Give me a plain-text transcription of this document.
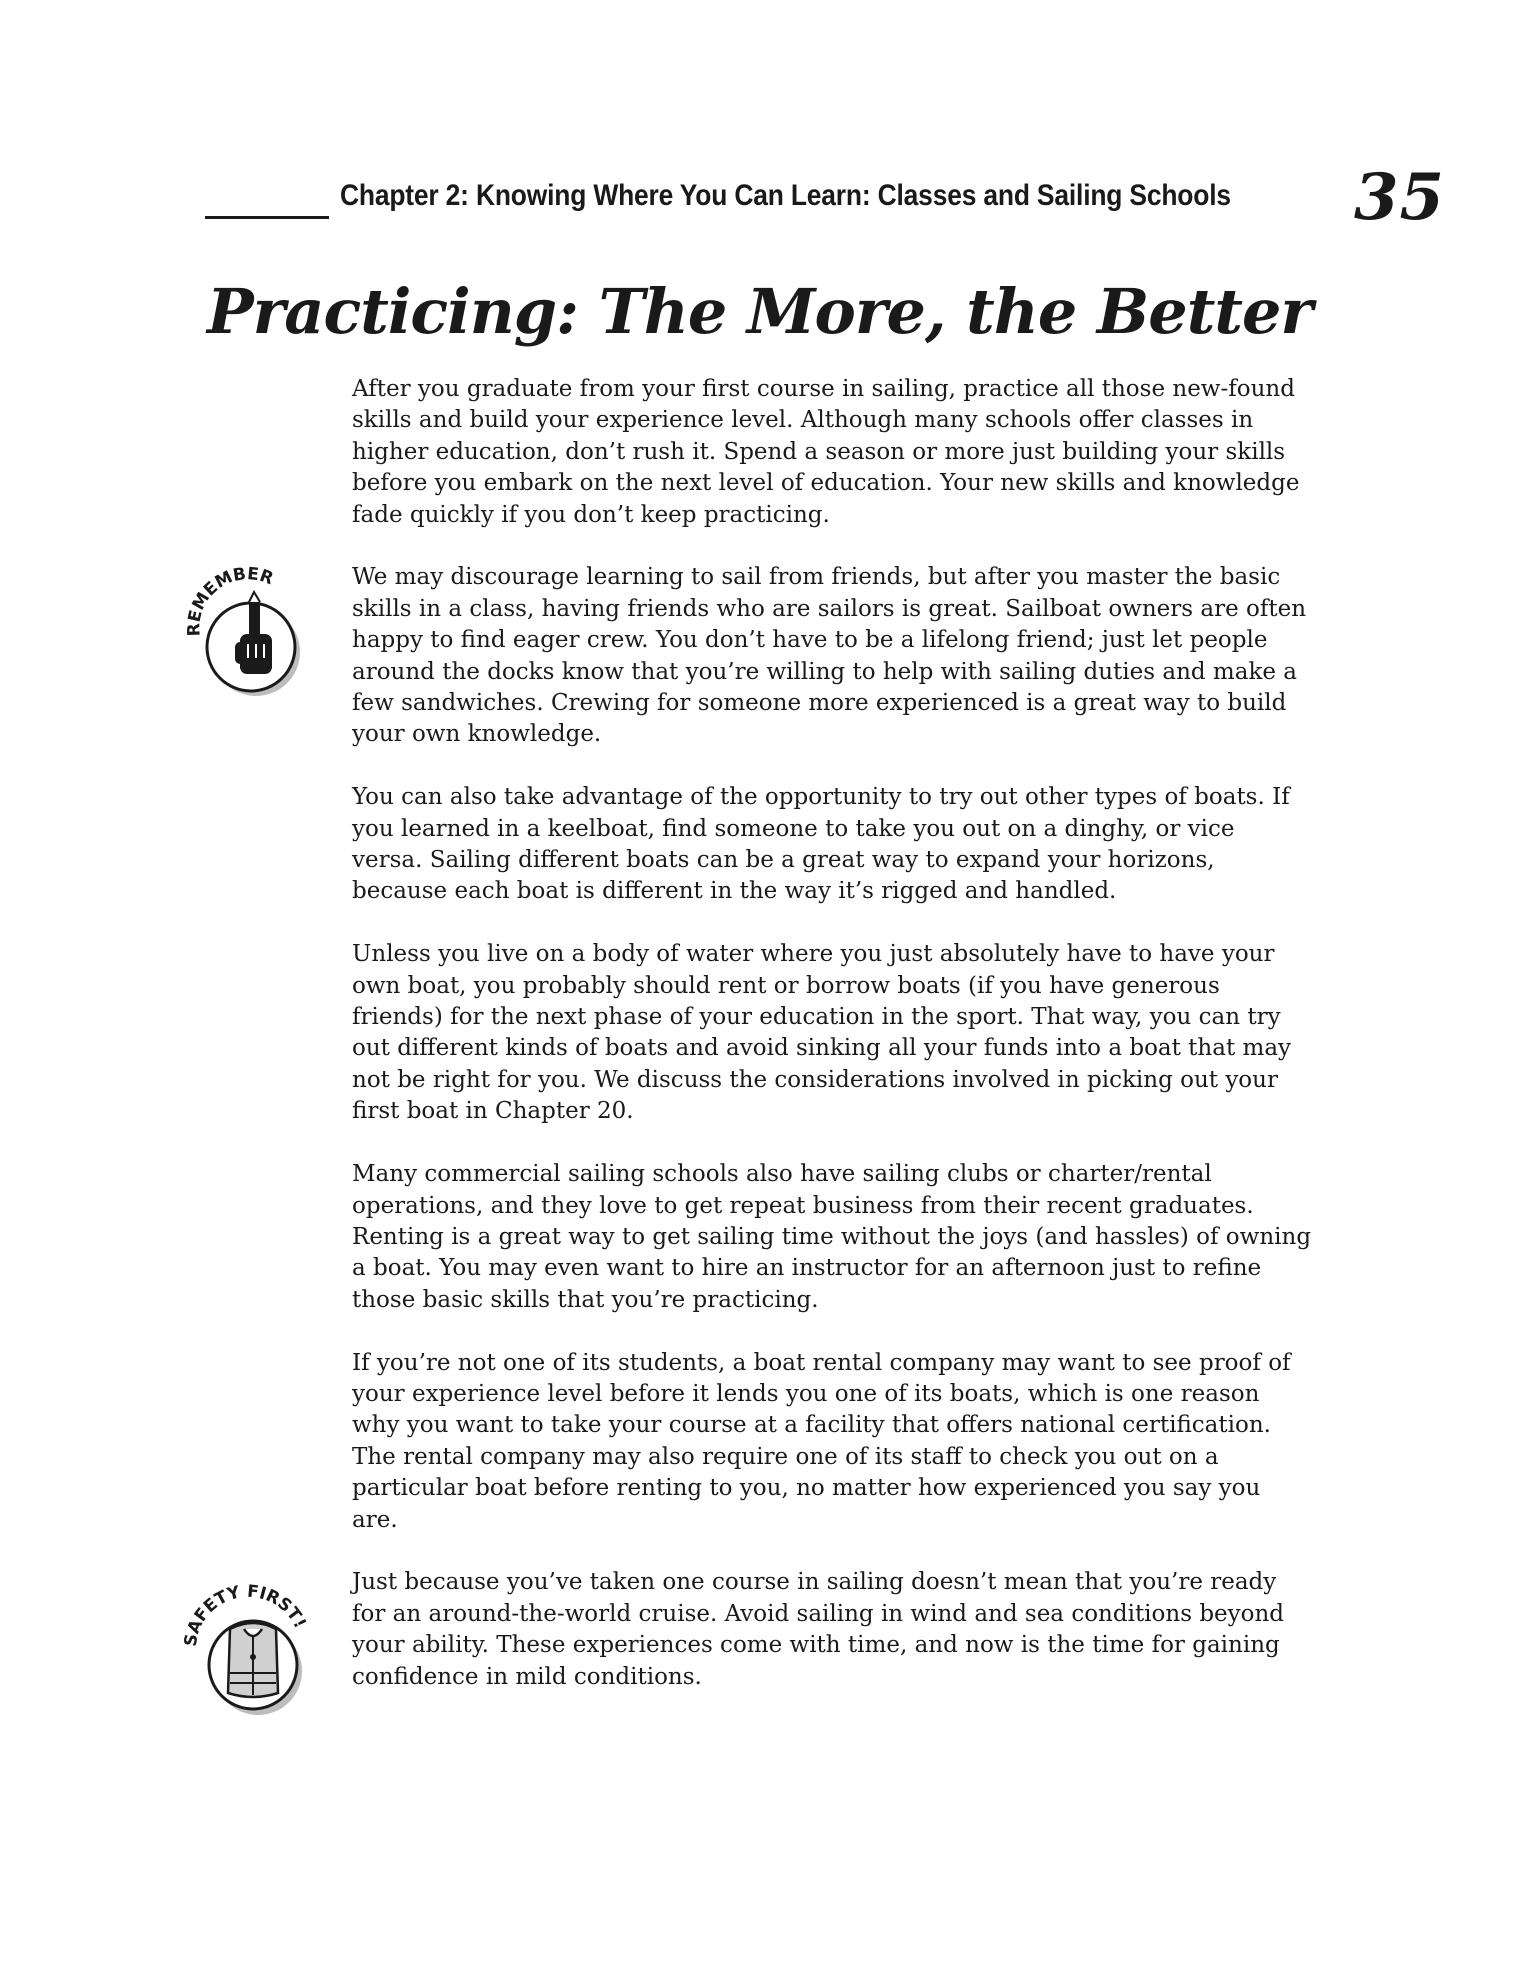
Chapter 2: Knowing Where You Can Learn: Classes and Sailing Schools 35
Practicing: The More, the Better
REMEMBER
SAFETY FIRST!

After you graduate from your first course in sailing, practice all those new-found skills and build your experience level. Although many schools offer classes in higher education, don’t rush it. Spend a season or more just building your skills before you embark on the next level of education. Your new skills and knowledge fade quickly if you don’t keep practicing.

We may discourage learning to sail from friends, but after you master the basic skills in a class, having friends who are sailors is great. Sailboat owners are often happy to find eager crew. You don’t have to be a lifelong friend; just let people around the docks know that you’re willing to help with sailing duties and make a few sandwiches. Crewing for someone more experienced is a great way to build your own knowledge.

You can also take advantage of the opportunity to try out other types of boats. If you learned in a keelboat, find someone to take you out on a dinghy, or vice versa. Sailing different boats can be a great way to expand your horizons, because each boat is different in the way it’s rigged and handled.

Unless you live on a body of water where you just absolutely have to have your own boat, you probably should rent or borrow boats (if you have generous friends) for the next phase of your education in the sport. That way, you can try out different kinds of boats and avoid sinking all your funds into a boat that may not be right for you. We discuss the considerations involved in picking out your first boat in Chapter 20.

Many commercial sailing schools also have sailing clubs or charter/rental operations, and they love to get repeat business from their recent graduates. Renting is a great way to get sailing time without the joys (and hassles) of owning a boat. You may even want to hire an instructor for an afternoon just to refine those basic skills that you’re practicing.

If you’re not one of its students, a boat rental company may want to see proof of your experience level before it lends you one of its boats, which is one reason why you want to take your course at a facility that offers national certification. The rental company may also require one of its staff to check you out on a particular boat before renting to you, no matter how experienced you say you are.

Just because you’ve taken one course in sailing doesn’t mean that you’re ready for an around-the-world cruise. Avoid sailing in wind and sea conditions beyond your ability. These experiences come with time, and now is the time for gaining confidence in mild conditions.
